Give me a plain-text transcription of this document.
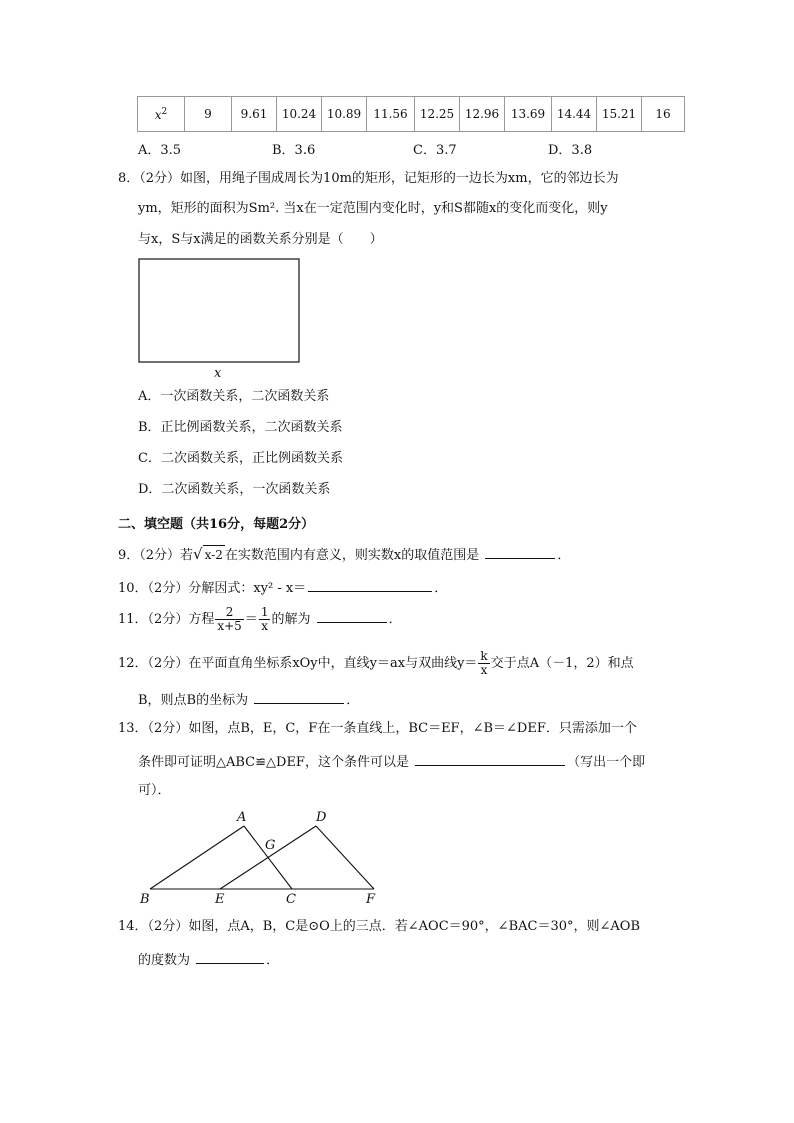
$x^2$	9	9.61	10.24	10.89	11.56	12.25	12.96	13.69	14.44	15.21	16
A．3.5	B．3.6	C．3.7	D．3.8
8．（2分）如图，用绳子围成周长为10m的矩形，记矩形的一边长为xm，它的邻边长为
ym，矩形的面积为Sm². 当x在一定范围内变化时，y和S都随x的变化而变化，则y
与x，S与x满足的函数关系分别是（　　）
x
A．一次函数关系，二次函数关系
B．正比例函数关系，二次函数关系
C．二次函数关系，正比例函数关系
D．二次函数关系，一次函数关系
二、填空题（共16分，每题2分）
9．（2分）若√ x-2 在实数范围内有意义，则实数x的取值范围是	．
10．（2分）分解因式：xy² - x＝	．
11．（2分）方程 $\frac{2}{x+5} = \frac{1}{x}$ 的解为	．
12．（2分）在平面直角坐标系xOy中，直线y＝ax与双曲线$y= \frac{k}{x}$ 交于点A（－1，2）和点
B，则点B的坐标为	．
13．（2分）如图，点B，E，C，F在一条直线上，BC＝EF，∠B＝∠DEF．只需添加一个
条件即可证明△ABC≌△DEF，这个条件可以是	（写出一个即
可）．
A	D
G
B	E	C	F
14．（2分）如图，点A，B，C是⊙O上的三点．若∠AOC＝90°，∠BAC＝30°，则∠AOB
的度数为	．
